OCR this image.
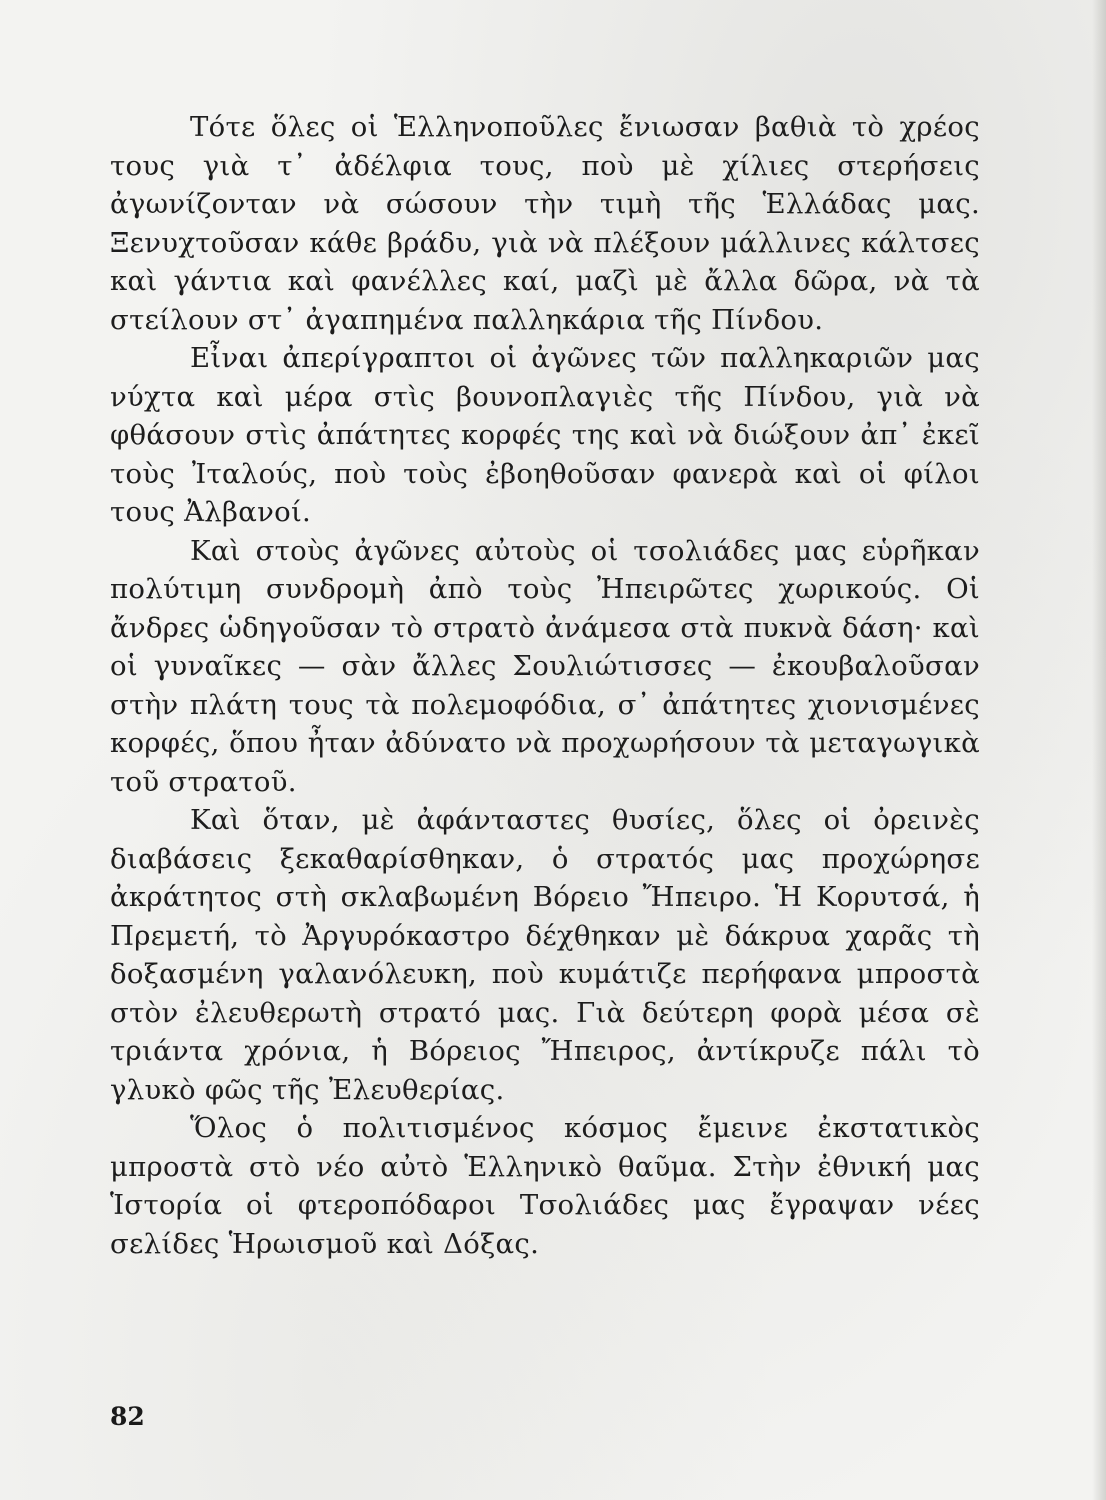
Τότε ὅλες οἱ Ἑλληνοποῦλες ἔνιωσαν βαθιὰ τὸ χρέος τους γιὰ τ᾽ ἀδέλφια τους, ποὺ μὲ χίλιες στερήσεις ἀγωνίζονταν νὰ σώσουν τὴν τιμὴ τῆς Ἑλλάδας μας. Ξενυχτοῦσαν κάθε βράδυ, γιὰ νὰ πλέξουν μάλλινες κάλτσες καὶ γάντια καὶ φανέλλες καί, μαζὶ μὲ ἄλλα δῶρα, νὰ τὰ στείλουν στ᾽ ἀγαπημένα παλληκάρια τῆς Πίνδου.

Εἶναι ἀπερίγραπτοι οἱ ἀγῶνες τῶν παλληκαριῶν μας νύχτα καὶ μέρα στὶς βουνοπλαγιὲς τῆς Πίνδου, γιὰ νὰ φθάσουν στὶς ἀπάτητες κορφές της καὶ νὰ διώξουν ἀπ᾽ ἐκεῖ τοὺς Ἰταλούς, ποὺ τοὺς ἐβοηθοῦσαν φανερὰ καὶ οἱ φίλοι τους Ἀλβανοί.

Καὶ στοὺς ἀγῶνες αὐτοὺς οἱ τσολιάδες μας εὑρῆκαν πολύτιμη συνδρομὴ ἀπὸ τοὺς Ἠπειρῶτες χωρικούς. Οἱ ἄνδρες ὡδηγοῦσαν τὸ στρατὸ ἀνάμεσα στὰ πυκνὰ δάση· καὶ οἱ γυναῖκες — σὰν ἄλλες Σουλιώτισσες — ἐκουβαλοῦσαν στὴν πλάτη τους τὰ πολεμοφόδια, σ᾽ ἀπάτητες χιονισμένες κορφές, ὅπου ἦταν ἀδύνατο νὰ προχωρήσουν τὰ μεταγωγικὰ τοῦ στρατοῦ.

Καὶ ὅταν, μὲ ἀφάνταστες θυσίες, ὅλες οἱ ὀρεινὲς διαβάσεις ξεκαθαρίσθηκαν, ὁ στρατός μας προχώρησε ἀκράτητος στὴ σκλαβωμένη Βόρειο Ἤπειρο. Ἡ Κορυτσά, ἡ Πρεμετή, τὸ Ἀργυρόκαστρο δέχθηκαν μὲ δάκρυα χαρᾶς τὴ δοξασμένη γαλανόλευκη, ποὺ κυμάτιζε περήφανα μπροστὰ στὸν ἐλευθερωτὴ στρατό μας. Γιὰ δεύτερη φορὰ μέσα σὲ τριάντα χρόνια, ἡ Βόρειος Ἤπειρος, ἀντίκρυζε πάλι τὸ γλυκὸ φῶς τῆς Ἐλευθερίας.

Ὅλος ὁ πολιτισμένος κόσμος ἔμεινε ἐκστατικὸς μπροστὰ στὸ νέο αὐτὸ Ἑλληνικὸ θαῦμα. Στὴν ἐθνική μας Ἱστορία οἱ φτεροπόδαροι Τσολιάδες μας ἔγραψαν νέες σελίδες Ἡρωισμοῦ καὶ Δόξας.

82
